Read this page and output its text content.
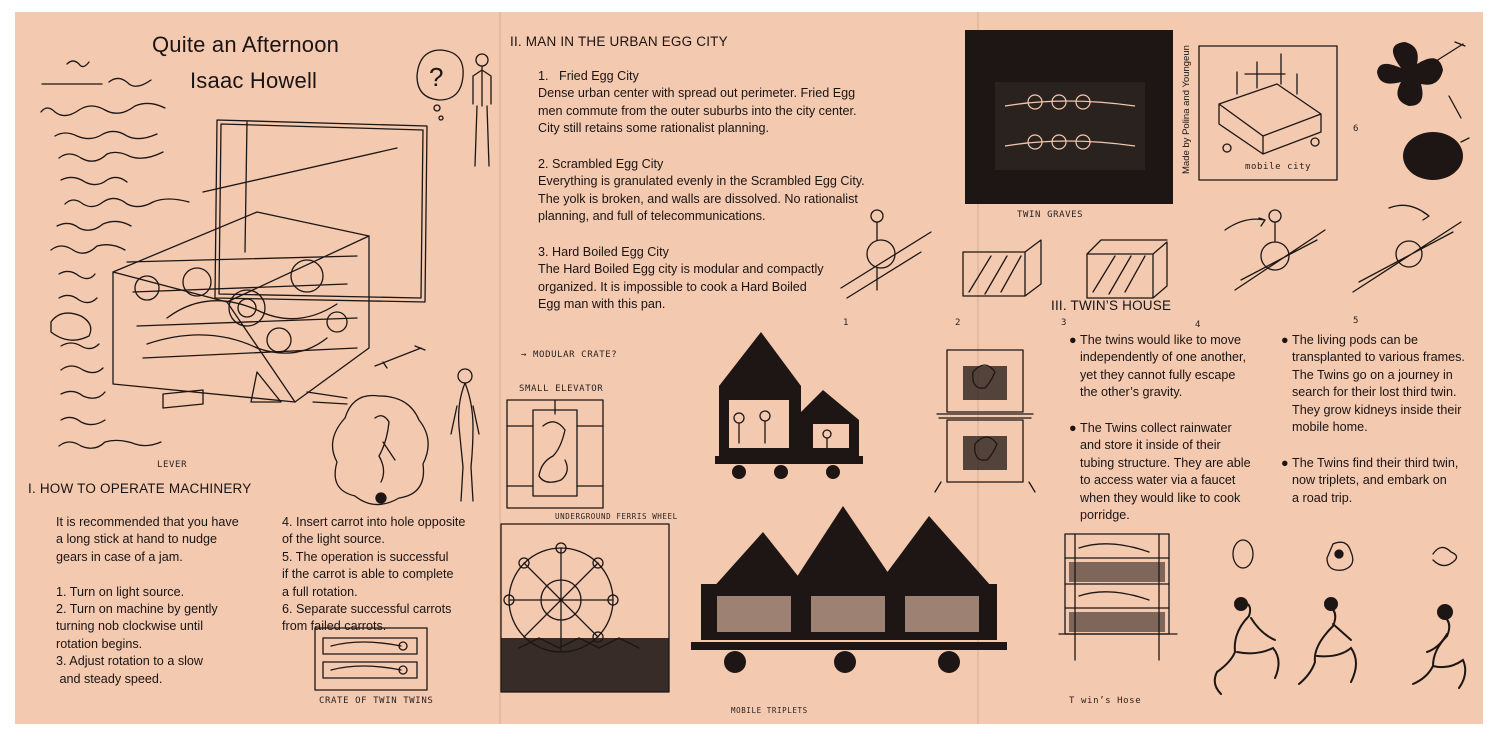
Quite an Afternoon
Isaac Howell	?
LEVER
I. HOW TO OPERATE MACHINERY
It is recommended that you have
a long stick at hand to nudge
gears in case of a jam.
1. Turn on light source.
2. Turn on machine by gently
turning nob clockwise until
rotation begins.
3. Adjust rotation to a slow
and steady speed.
4. Insert carrot into hole opposite
of the light source.
5. The operation is successful
if the carrot is able to complete
a full rotation.
6. Separate successful carrots
from failed carrots.
CRATE OF TWIN TWINS
II. MAN IN THE URBAN EGG CITY
1.   Fried Egg City
Dense urban center with spread out perimeter. Fried Egg
men commute from the outer suburbs into the city center.
City still retains some rationalist planning.
2. Scrambled Egg City
Everything is granulated evenly in the Scrambled Egg City.
The yolk is broken, and walls are dissolved. No rationalist
planning, and full of telecommunications.
3. Hard Boiled Egg City
The Hard Boiled Egg city is modular and compactly
organized. It is impossible to cook a Hard Boiled
Egg man with this pan.
1	2
→ MODULAR CRATE?
SMALL ELEVATOR
UNDERGROUND FERRIS WHEEL
MOBILE TRIPLETS
TWIN GRAVES
III. TWIN’S HOUSE
3	4	5
● The twins would like to move
independently of one another,
yet they cannot fully escape
the other’s gravity.
● The Twins collect rainwater
and store it inside of their
tubing structure. They are able
to access water via a faucet
when they would like to cook
porridge.
● The living pods can be
transplanted to various frames.
The Twins go on a journey in
search for their lost third twin.
They grow kidneys inside their
mobile home.
● The Twins find their third twin,
now triplets, and embark on
a road trip.
Made by Polina and Youngeun	mobile city
6
T win’s Hose
